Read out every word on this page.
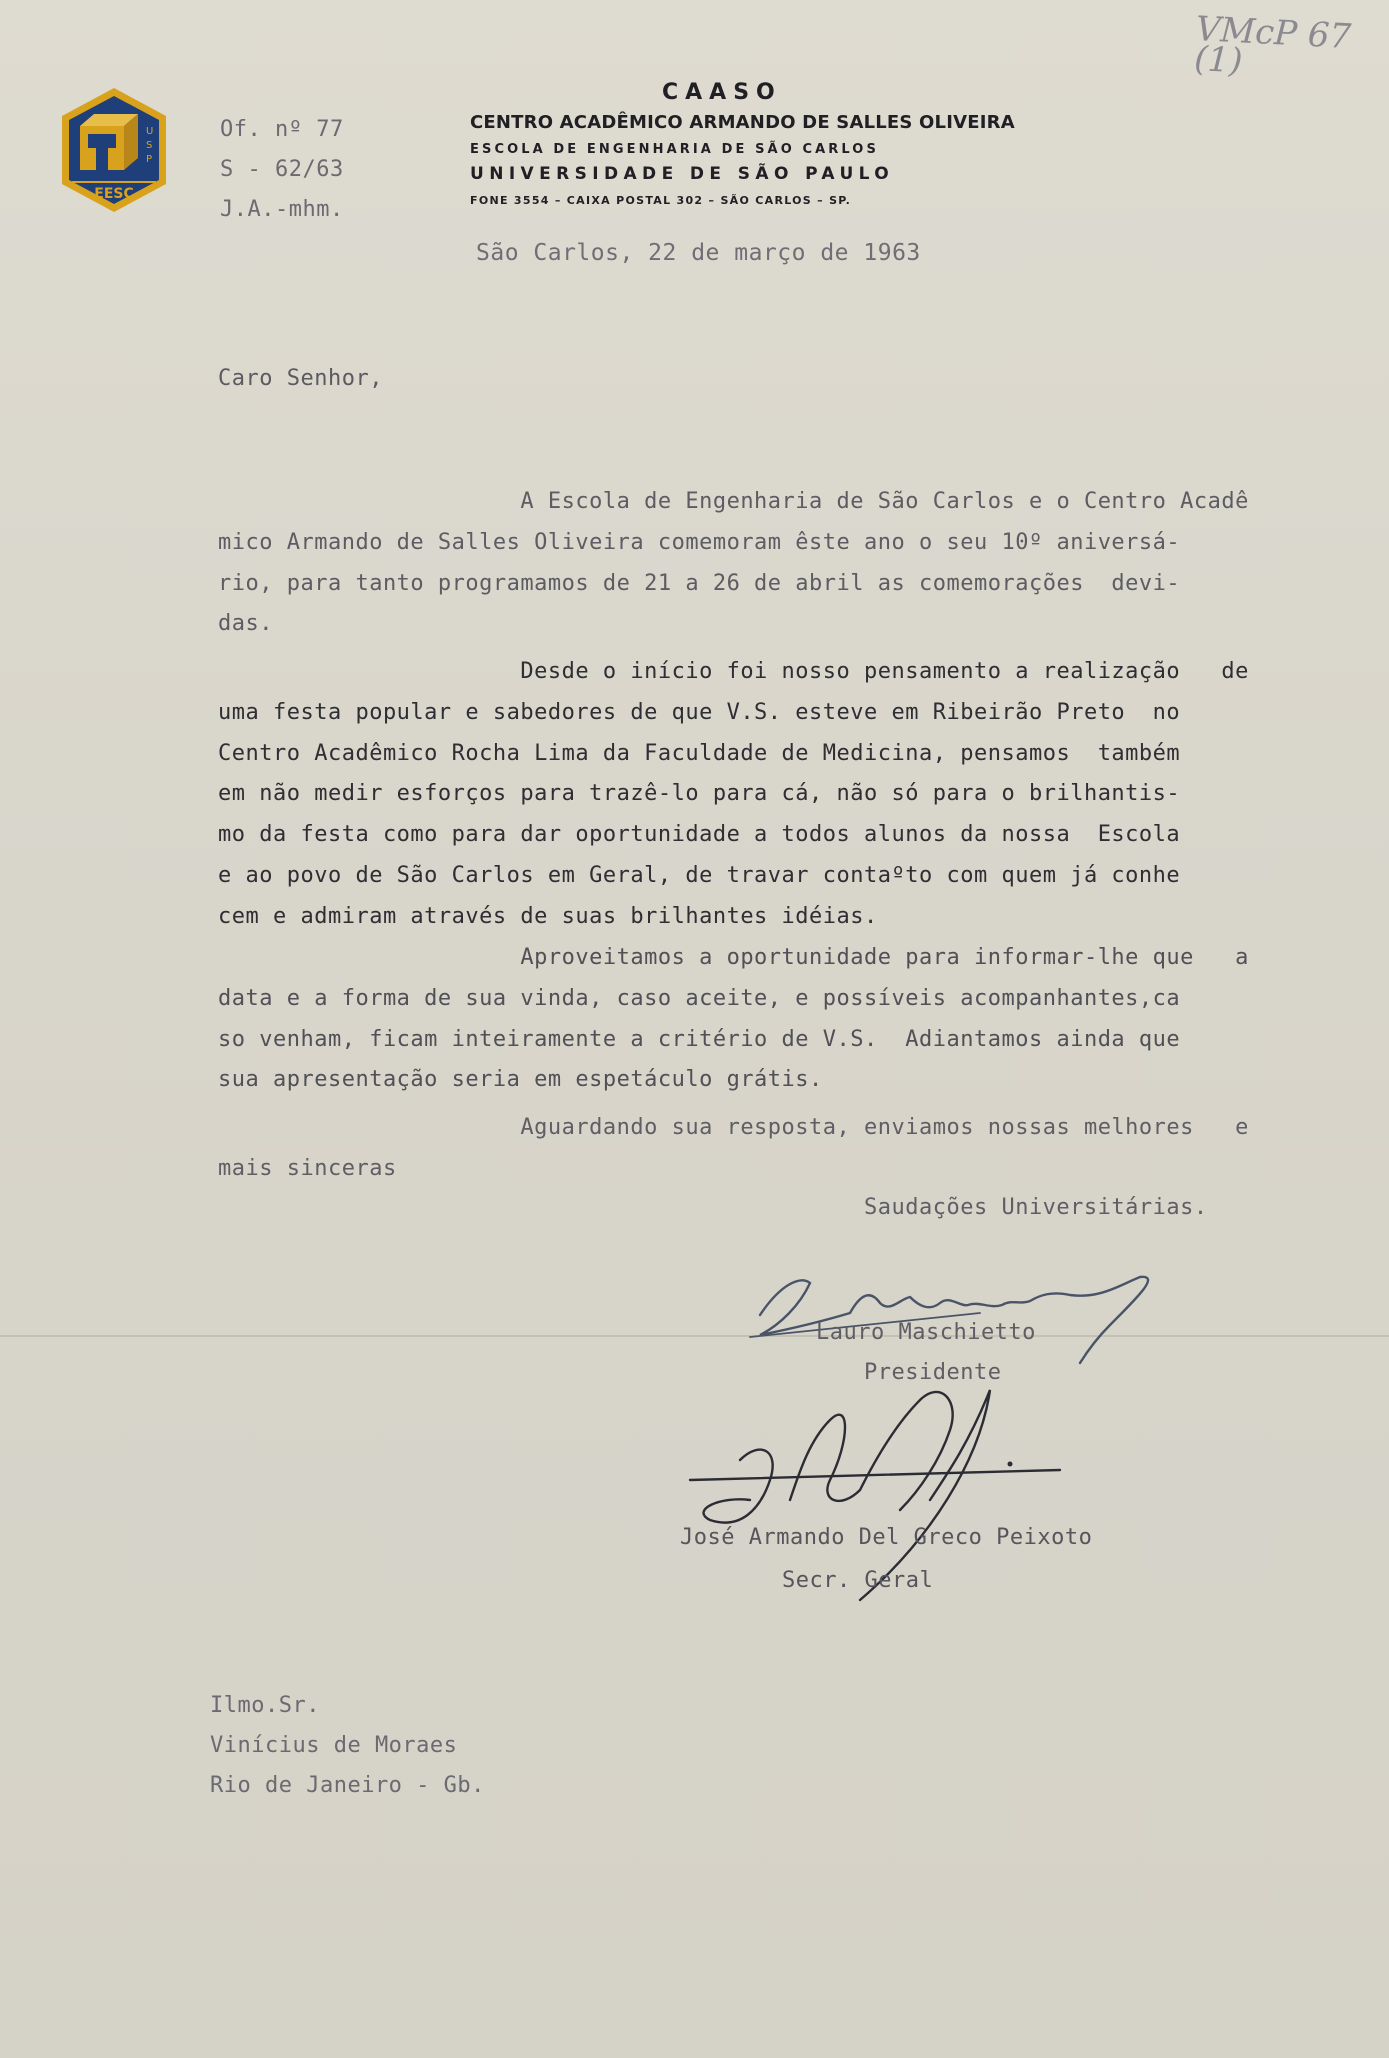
VMcP 67
(1)
U
S
P
EESC
USP
Of. nº 77
S - 62/63
J.A.-mhm.
CAASO
CENTRO ACADÊMICO ARMANDO DE SALLES OLIVEIRA
ESCOLA DE ENGENHARIA DE SÃO CARLOS
UNIVERSIDADE DE SÃO PAULO
FONE 3554 – CAIXA POSTAL 302 – SÃO CARLOS – SP.
São Carlos, 22 de março de 1963
Caro Senhor,
A Escola de Engenharia de São Carlos e o Centro Acadê
mico Armando de Salles Oliveira comemoram êste ano o seu 10º aniversá-
rio, para tanto programamos de 21 a 26 de abril as comemorações  devi-
das.
Desde o início foi nosso pensamento a realização   de
uma festa popular e sabedores de que V.S. esteve em Ribeirão Preto  no
Centro Acadêmico Rocha Lima da Faculdade de Medicina, pensamos  também
em não medir esforços para trazê-lo para cá, não só para o brilhantis-
mo da festa como para dar oportunidade a todos alunos da nossa  Escola
e ao povo de São Carlos em Geral, de travar contaºto com quem já conhe
cem e admiram através de suas brilhantes idéias.
Aproveitamos a oportunidade para informar-lhe que   a
data e a forma de sua vinda, caso aceite, e possíveis acompanhantes,ca
so venham, ficam inteiramente a critério de V.S.  Adiantamos ainda que
sua apresentação seria em espetáculo grátis.
Aguardando sua resposta, enviamos nossas melhores   e
mais sinceras
Saudações Universitárias.
Lauro Maschietto
Presidente
José Armando Del Greco Peixoto
Secr. Geral
Ilmo.Sr.
Vinícius de Moraes
Rio de Janeiro - Gb.
